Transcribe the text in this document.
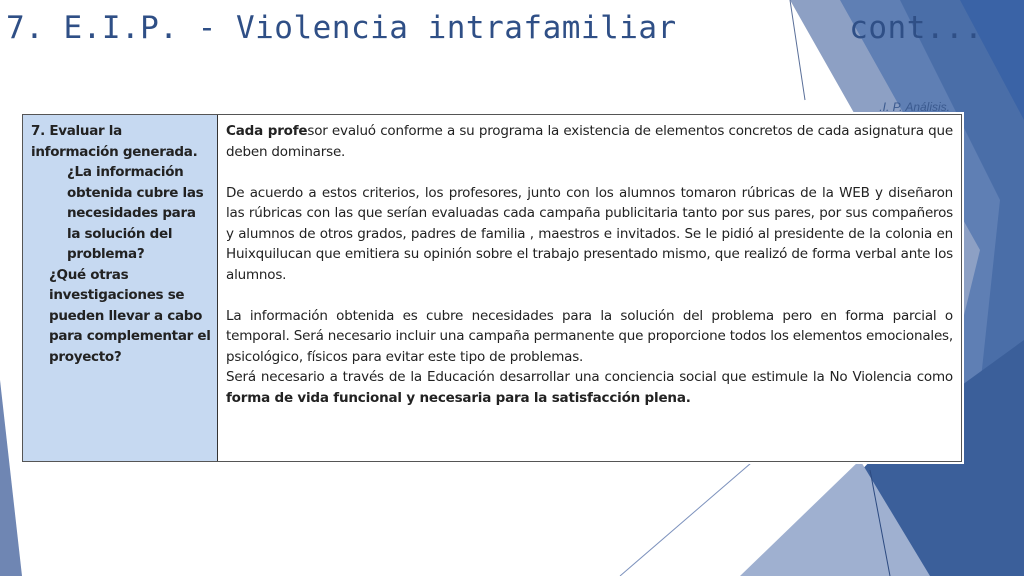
7. E.I.P. - Violencia intrafamiliar         cont...
.I. P. Análisis.

7. Evaluar la información generada.

¿La información obtenida cubre las necesidades para la solución del problema?

¿Qué otras investigaciones se pueden llevar a cabo para complementar el proyecto?

Cada profesor evaluó conforme a su programa la existencia de elementos concretos de cada asignatura que deben dominarse.

De acuerdo a estos criterios, los profesores, junto con los alumnos tomaron rúbricas de la WEB y diseñaron las rúbricas con las que serían evaluadas cada campaña publicitaria tanto por sus pares, por sus compañeros y alumnos de otros grados, padres de familia , maestros e invitados. Se le pidió al presidente de la colonia en Huixquilucan que emitiera su opinión sobre el trabajo presentado mismo, que realizó de forma verbal ante los alumnos.

La información obtenida es cubre necesidades para la solución del problema pero en forma parcial o temporal. Será necesario incluir una campaña permanente que proporcione todos los elementos emocionales, psicológico, físicos para evitar este tipo de problemas.

Será necesario a través de la Educación desarrollar una conciencia social que estimule la No Violencia como forma de vida funcional y necesaria para la satisfacción plena.
